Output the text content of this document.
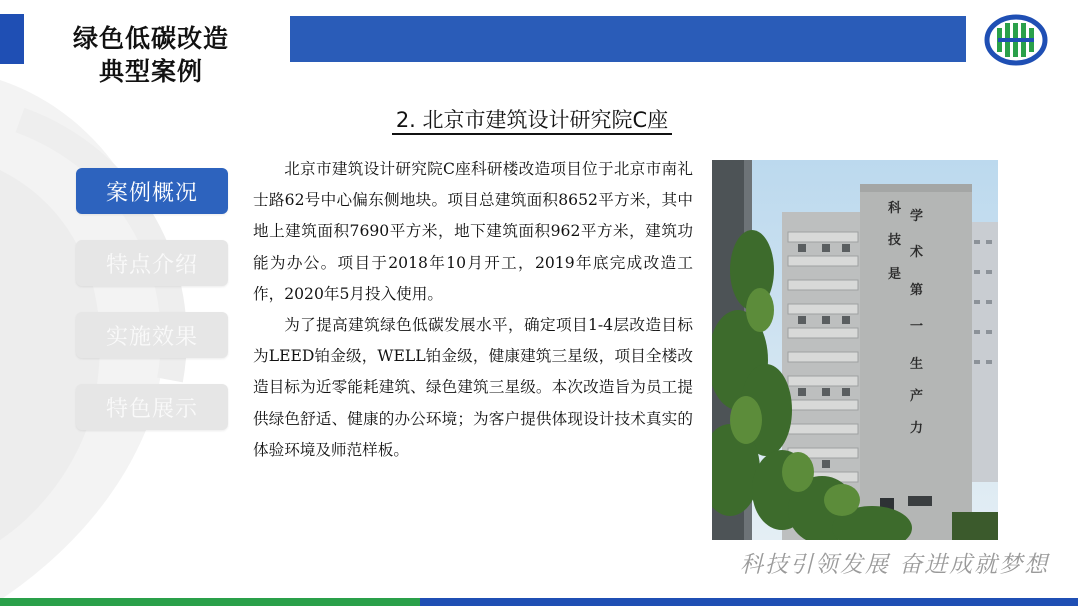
绿色低碳改造
典型案例
2. 北京市建筑设计研究院C座
案例概况
特点介绍
实施效果
特色展示

北京市建筑设计研究院C座科研楼改造项目位于北京市南礼士路62号中心偏东侧地块。项目总建筑面积8652平方米，其中地上建筑面积7690平方米，地下建筑面积962平方米，建筑功能为办公。项目于2018年10月开工，2019年底完成改造工作，2020年5月投入使用。

为了提高建筑绿色低碳发展水平，确定项目1-4层改造目标为LEED铂金级，WELL铂金级，健康建筑三星级，项目全楼改造目标为近零能耗建筑、绿色建筑三星级。本次改造旨为员工提供绿色舒适、健康的办公环境；为客户提供体现设计技术真实的体验环境及师范样板。

科
学
技
术
是
第
一
生
产
力
科技引领发展 奋进成就梦想
